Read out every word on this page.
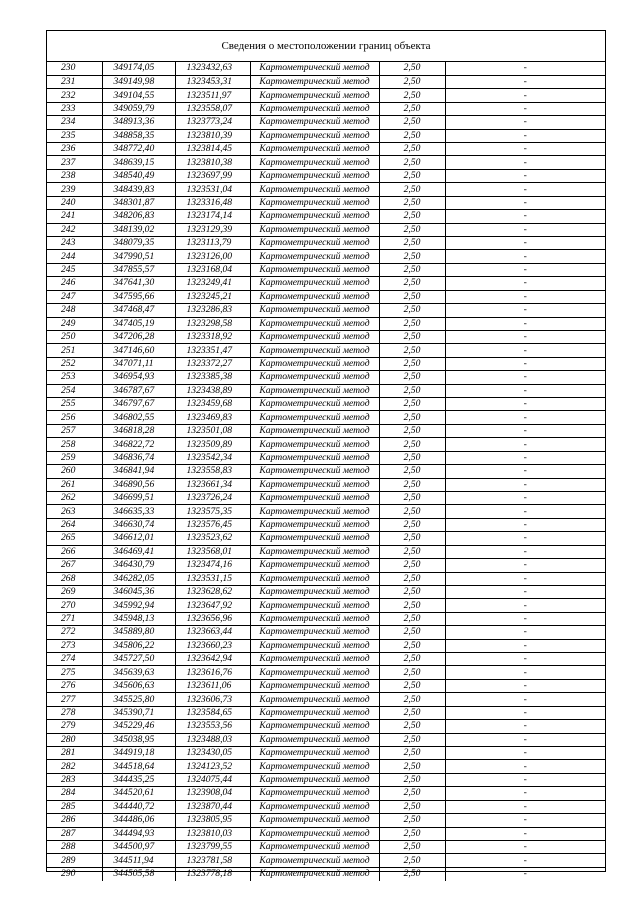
Сведения о местоположении границ объекта
230	349174,05	1323432,63	Картометрический метод	2,50	-
231	349149,98	1323453,31	Картометрический метод	2,50	-
232	349104,55	1323511,97	Картометрический метод	2,50	-
233	349059,79	1323558,07	Картометрический метод	2,50	-
234	348913,36	1323773,24	Картометрический метод	2,50	-
235	348858,35	1323810,39	Картометрический метод	2,50	-
236	348772,40	1323814,45	Картометрический метод	2,50	-
237	348639,15	1323810,38	Картометрический метод	2,50	-
238	348540,49	1323697,99	Картометрический метод	2,50	-
239	348439,83	1323531,04	Картометрический метод	2,50	-
240	348301,87	1323316,48	Картометрический метод	2,50	-
241	348206,83	1323174,14	Картометрический метод	2,50	-
242	348139,02	1323129,39	Картометрический метод	2,50	-
243	348079,35	1323113,79	Картометрический метод	2,50	-
244	347990,51	1323126,00	Картометрический метод	2,50	-
245	347855,57	1323168,04	Картометрический метод	2,50	-
246	347641,30	1323249,41	Картометрический метод	2,50	-
247	347595,66	1323245,21	Картометрический метод	2,50	-
248	347468,47	1323286,83	Картометрический метод	2,50	-
249	347405,19	1323298,58	Картометрический метод	2,50	-
250	347206,28	1323318,92	Картометрический метод	2,50	-
251	347146,60	1323351,47	Картометрический метод	2,50	-
252	347071,11	1323372,27	Картометрический метод	2,50	-
253	346954,93	1323385,38	Картометрический метод	2,50	-
254	346787,67	1323438,89	Картометрический метод	2,50	-
255	346797,67	1323459,68	Картометрический метод	2,50	-
256	346802,55	1323469,83	Картометрический метод	2,50	-
257	346818,28	1323501,08	Картометрический метод	2,50	-
258	346822,72	1323509,89	Картометрический метод	2,50	-
259	346836,74	1323542,34	Картометрический метод	2,50	-
260	346841,94	1323558,83	Картометрический метод	2,50	-
261	346890,56	1323661,34	Картометрический метод	2,50	-
262	346699,51	1323726,24	Картометрический метод	2,50	-
263	346635,33	1323575,35	Картометрический метод	2,50	-
264	346630,74	1323576,45	Картометрический метод	2,50	-
265	346612,01	1323523,62	Картометрический метод	2,50	-
266	346469,41	1323568,01	Картометрический метод	2,50	-
267	346430,79	1323474,16	Картометрический метод	2,50	-
268	346282,05	1323531,15	Картометрический метод	2,50	-
269	346045,36	1323628,62	Картометрический метод	2,50	-
270	345992,94	1323647,92	Картометрический метод	2,50	-
271	345948,13	1323656,96	Картометрический метод	2,50	-
272	345889,80	1323663,44	Картометрический метод	2,50	-
273	345806,22	1323660,23	Картометрический метод	2,50	-
274	345727,50	1323642,94	Картометрический метод	2,50	-
275	345639,63	1323616,76	Картометрический метод	2,50	-
276	345606,63	1323611,06	Картометрический метод	2,50	-
277	345525,80	1323606,73	Картометрический метод	2,50	-
278	345390,71	1323584,65	Картометрический метод	2,50	-
279	345229,46	1323553,56	Картометрический метод	2,50	-
280	345038,95	1323488,03	Картометрический метод	2,50	-
281	344919,18	1323430,05	Картометрический метод	2,50	-
282	344518,64	1324123,52	Картометрический метод	2,50	-
283	344435,25	1324075,44	Картометрический метод	2,50	-
284	344520,61	1323908,04	Картометрический метод	2,50	-
285	344440,72	1323870,44	Картометрический метод	2,50	-
286	344486,06	1323805,95	Картометрический метод	2,50	-
287	344494,93	1323810,03	Картометрический метод	2,50	-
288	344500,97	1323799,55	Картометрический метод	2,50	-
289	344511,94	1323781,58	Картометрический метод	2,50	-
290	344505,58	1323778,18	Картометрический метод	2,50	-
